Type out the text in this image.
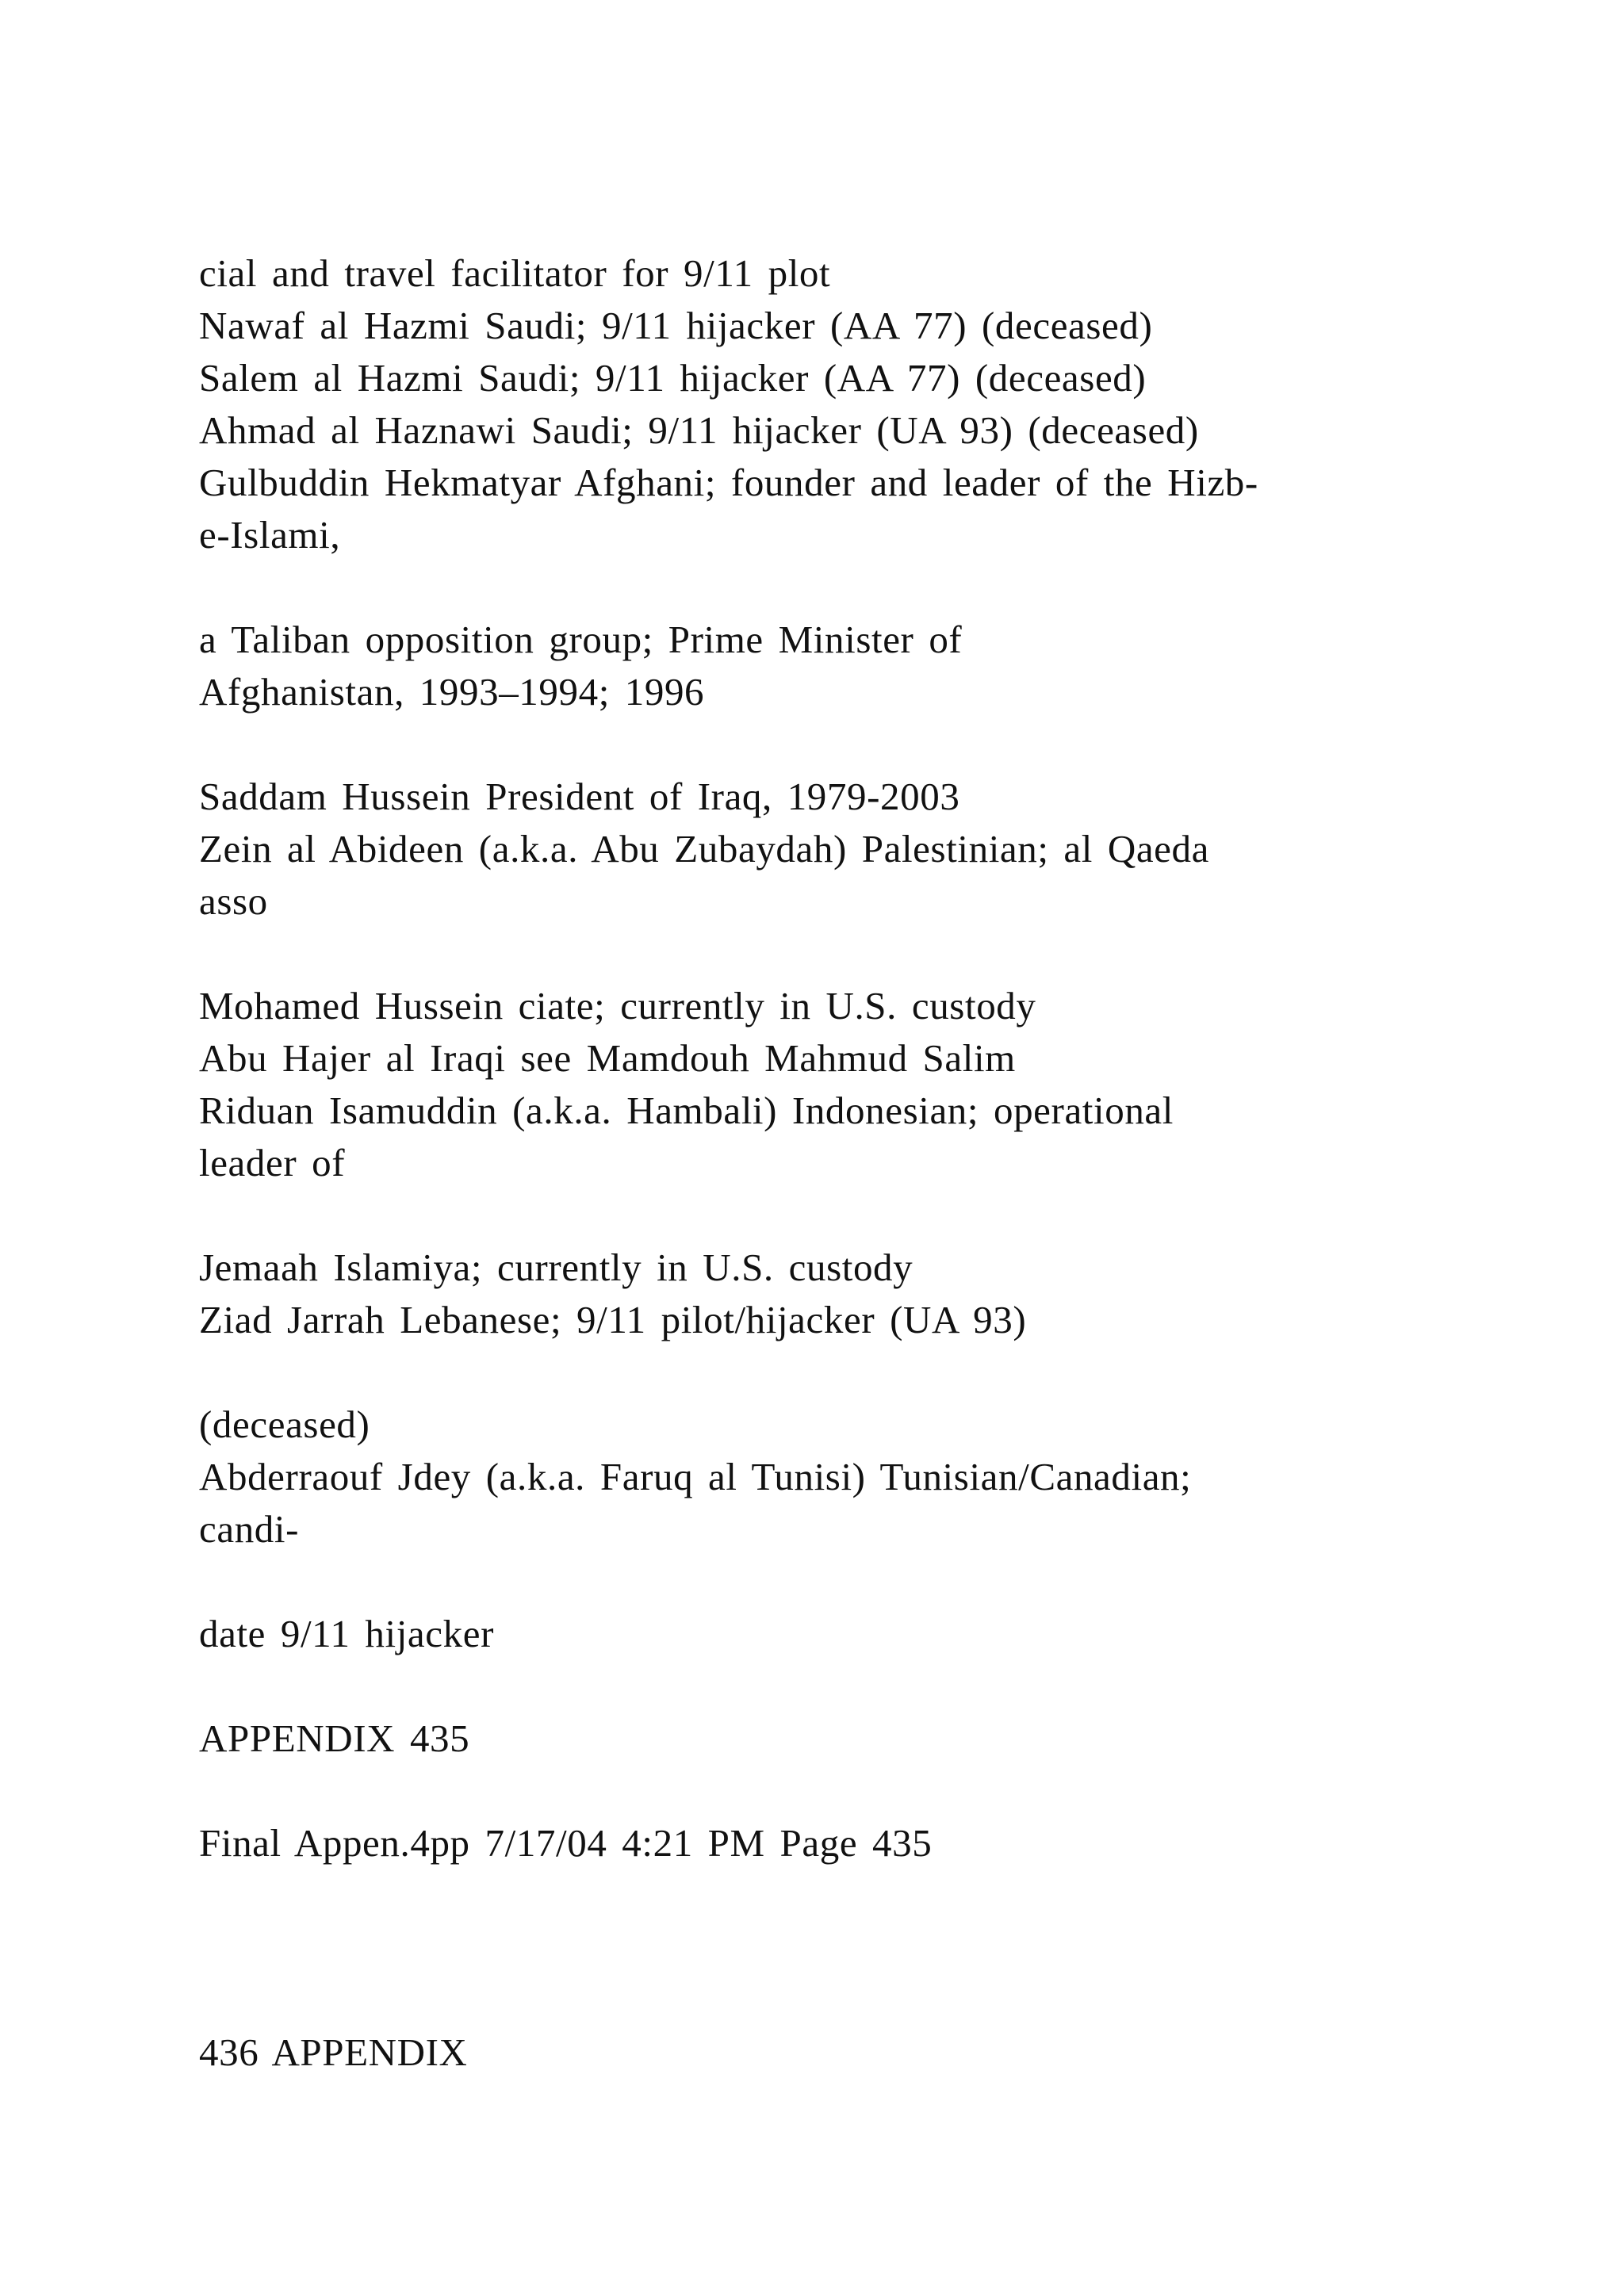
cial and travel facilitator for 9/11 plot
Nawaf al Hazmi Saudi; 9/11 hijacker (AA 77) (deceased)
Salem al Hazmi Saudi; 9/11 hijacker (AA 77) (deceased)
Ahmad al Haznawi Saudi; 9/11 hijacker (UA 93) (deceased)
Gulbuddin Hekmatyar Afghani; founder and leader of the Hizb-
e-Islami,
a Taliban opposition group; Prime Minister of
Afghanistan, 1993–1994; 1996
Saddam Hussein President of Iraq, 1979-2003
Zein al Abideen (a.k.a. Abu Zubaydah) Palestinian; al Qaeda
asso
Mohamed Hussein ciate; currently in U.S. custody
Abu Hajer al Iraqi see Mamdouh Mahmud Salim
Riduan Isamuddin (a.k.a. Hambali) Indonesian; operational
leader of
Jemaah Islamiya; currently in U.S. custody
Ziad Jarrah Lebanese; 9/11 pilot/hijacker (UA 93)
(deceased)
Abderraouf Jdey (a.k.a. Faruq al Tunisi) Tunisian/Canadian;
candi-
date 9/11 hijacker
APPENDIX 435
Final Appen.4pp 7/17/04 4:21 PM Page 435
436 APPENDIX
